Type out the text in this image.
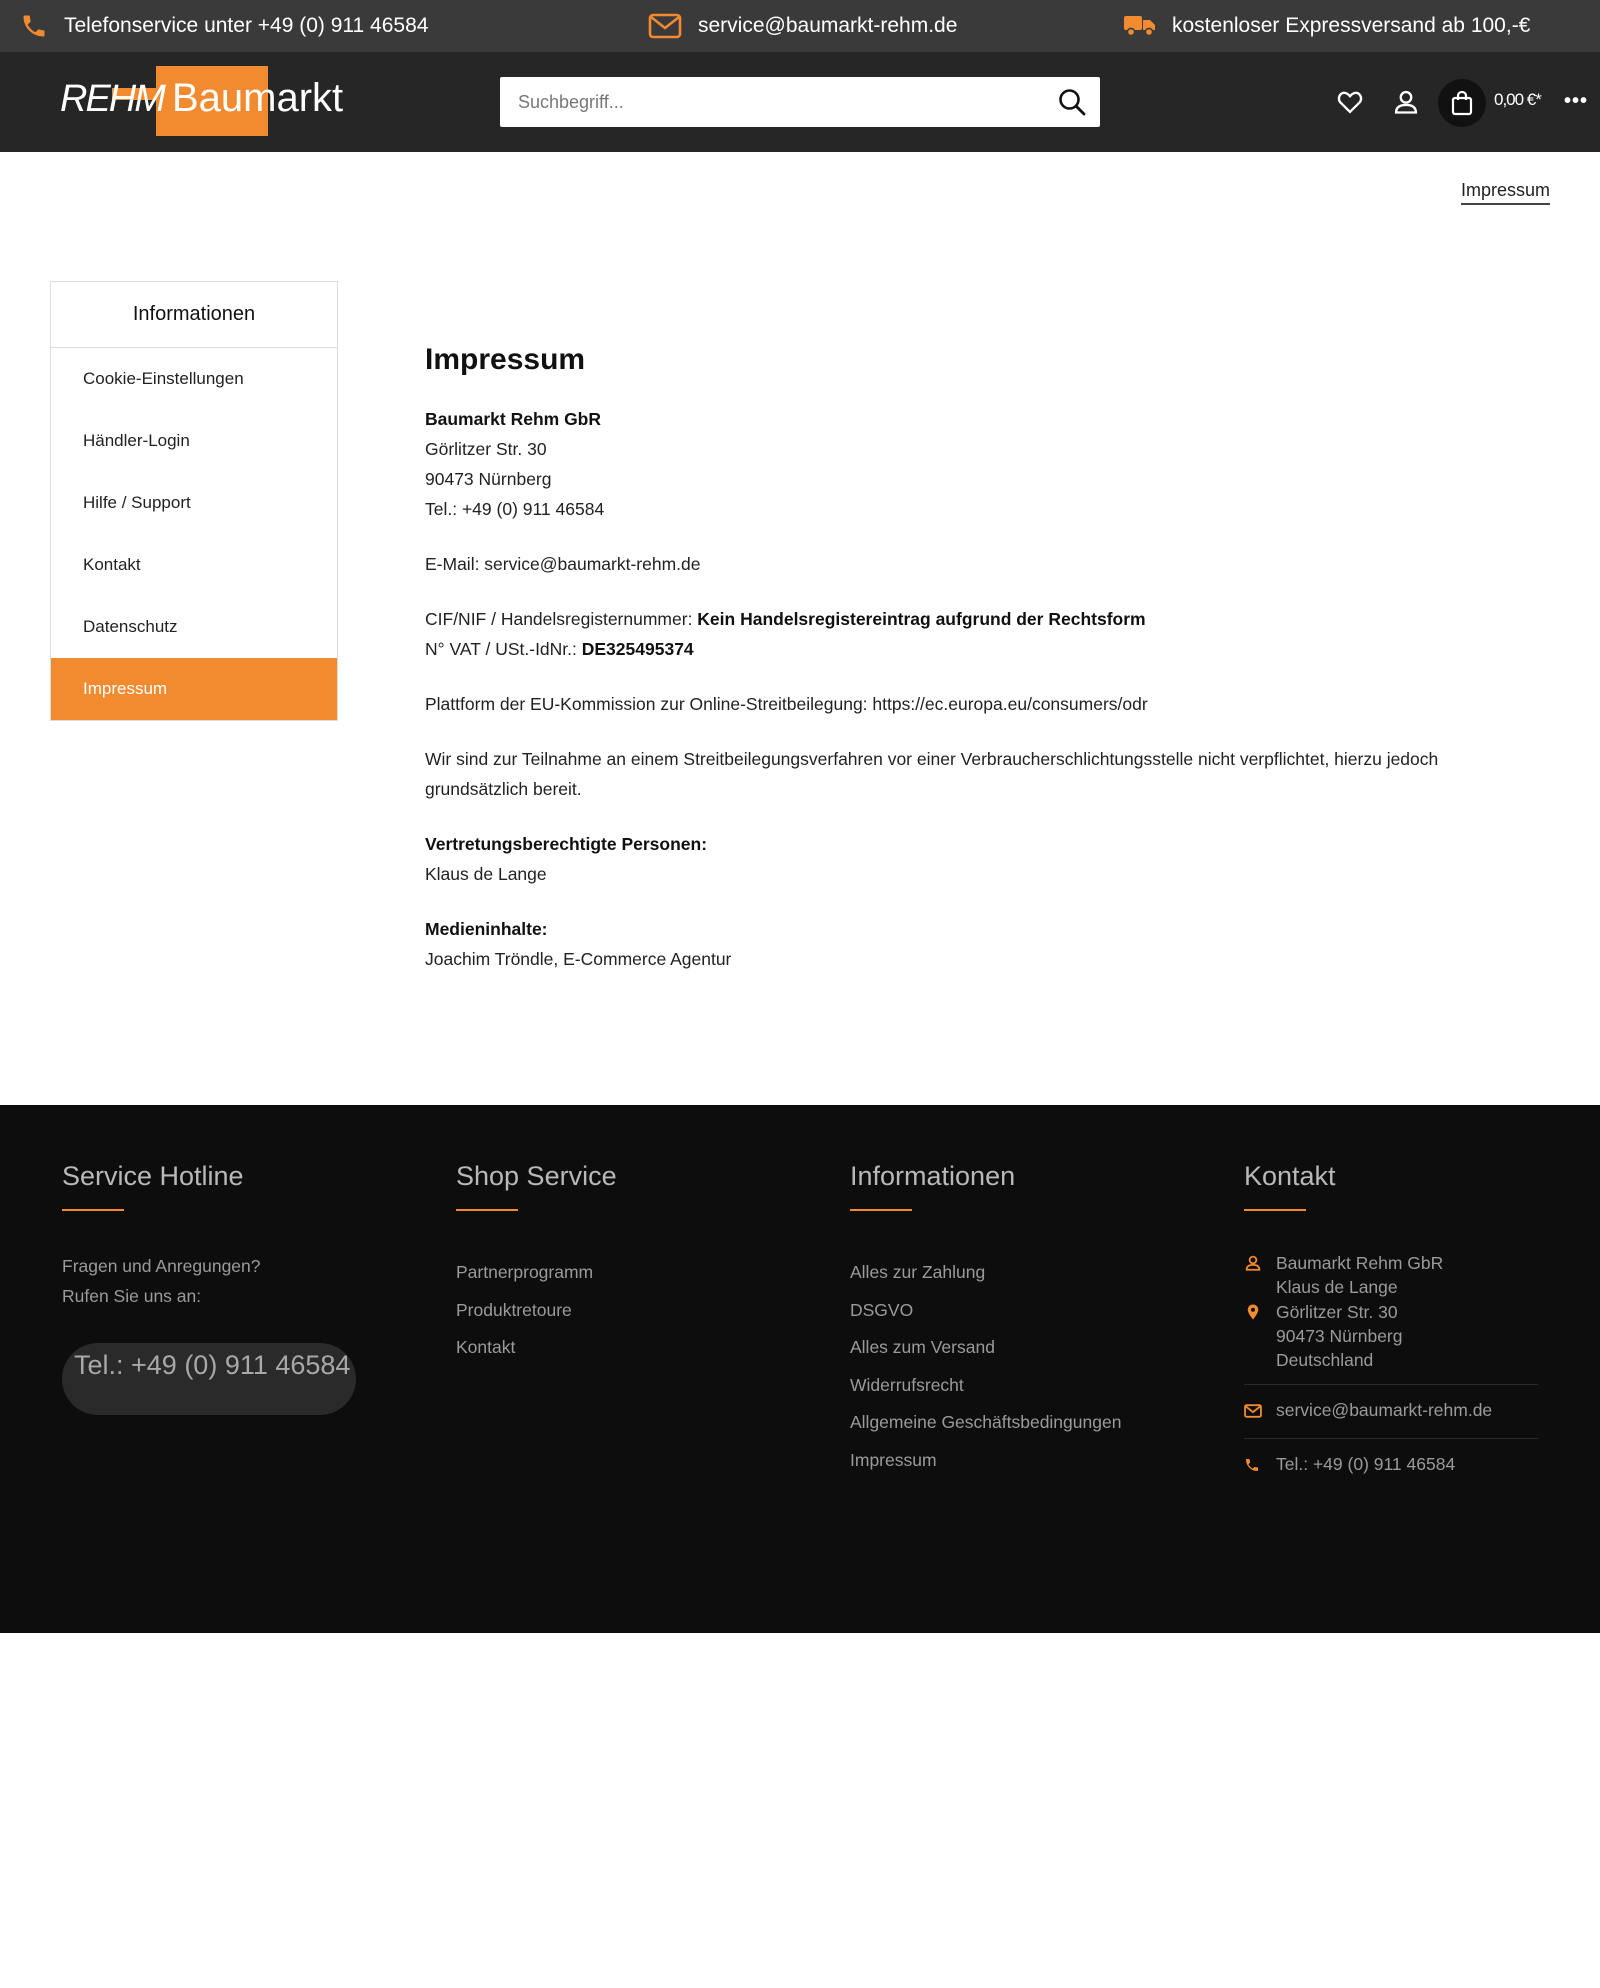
Telefonservice unter +49 (0) 911 46584	service@baumarkt-rehm.de	kostenloser Expressversand ab 100,-€
REHM Baumarkt
Suchbegriff...	0,00 €* •••
Impressum
Informationen
Cookie-Einstellungen
Händler-Login
Hilfe / Support
Kontakt
Datenschutz
Impressum
Impressum
Baumarkt Rehm GbR
Görlitzer Str. 30
90473 Nürnberg
Tel.: +49 (0) 911 46584
E-Mail: service@baumarkt-rehm.de
CIF/NIF / Handelsregisternummer: Kein Handelsregistereintrag aufgrund der Rechtsform
N° VAT / USt.-IdNr.: DE325495374
Plattform der EU-Kommission zur Online-Streitbeilegung: https://ec.europa.eu/consumers/odr
Wir sind zur Teilnahme an einem Streitbeilegungsverfahren vor einer Verbraucherschlichtungsstelle nicht verpflichtet, hierzu jedoch grundsätzlich bereit.
Vertretungsberechtigte Personen:
Klaus de Lange
Medieninhalte:
Joachim Tröndle, E-Commerce Agentur
Service Hotline
Fragen und Anregungen?
Rufen Sie uns an:
Tel.: +49 (0) 911 46584
Shop Service
Partnerprogramm
Produktretoure
Kontakt
Informationen
Alles zur Zahlung
DSGVO
Alles zum Versand
Widerrufsrecht
Allgemeine Geschäftsbedingungen
Impressum
Kontakt
Baumarkt Rehm GbR
Klaus de Lange
Görlitzer Str. 30
90473 Nürnberg
Deutschland
service@baumarkt-rehm.de
Tel.: +49 (0) 911 46584
